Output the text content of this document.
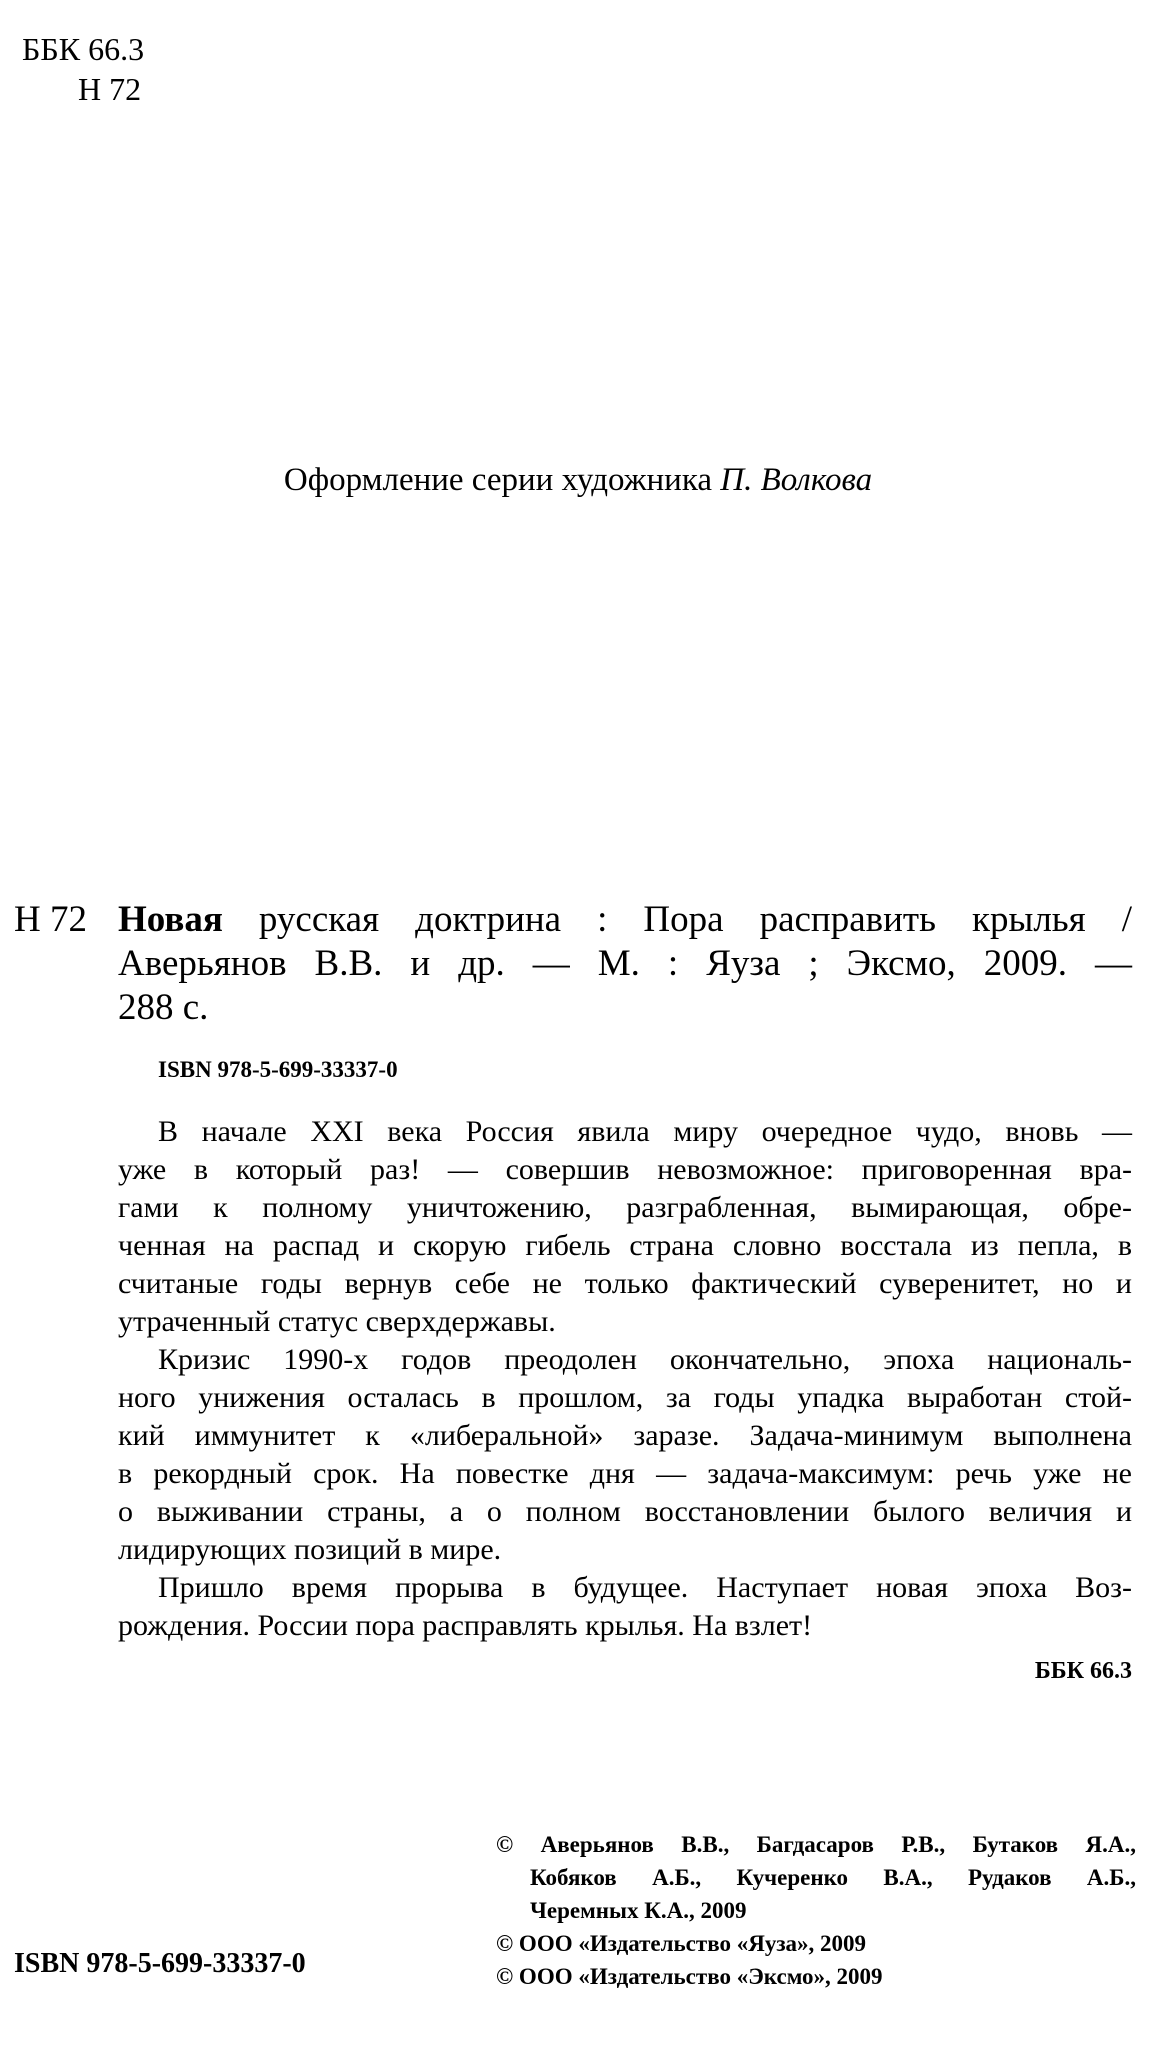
ББК 66.3
Н 72
Оформление серии художника П. Волкова
Н 72 Новая русская доктрина : Пора расправить крылья /
Аверьянов В.В. и др. — М. : Яуза ; Эксмо, 2009. —
288 с.
ISBN 978-5-699-33337-0
В начале XXI века Россия явила миру очередное чудо, вновь —
уже в который раз! — совершив невозможное: приговоренная вра-
гами к полному уничтожению, разграбленная, вымирающая, обре-
ченная на распад и скорую гибель страна словно восстала из пепла, в
считаные годы вернув себе не только фактический суверенитет, но и
утраченный статус сверхдержавы.
Кризис 1990-х годов преодолен окончательно, эпоха националь-
ного унижения осталась в прошлом, за годы упадка выработан стой-
кий иммунитет к «либеральной» заразе. Задача-минимум выполнена
в рекордный срок. На повестке дня — задача-максимум: речь уже не
о выживании страны, а о полном восстановлении былого величия и
лидирующих позиций в мире.
Пришло время прорыва в будущее. Наступает новая эпоха Воз-
рождения. России пора расправлять крылья. На взлет!
ББК 66.3
© Аверьянов В.В., Багдасаров Р.В., Бутаков Я.А.,
Кобяков А.Б., Кучеренко В.А., Рудаков А.Б.,
Черемных К.А., 2009
© ООО «Издательство «Яуза», 2009
© ООО «Издательство «Эксмо», 2009
ISBN 978-5-699-33337-0
